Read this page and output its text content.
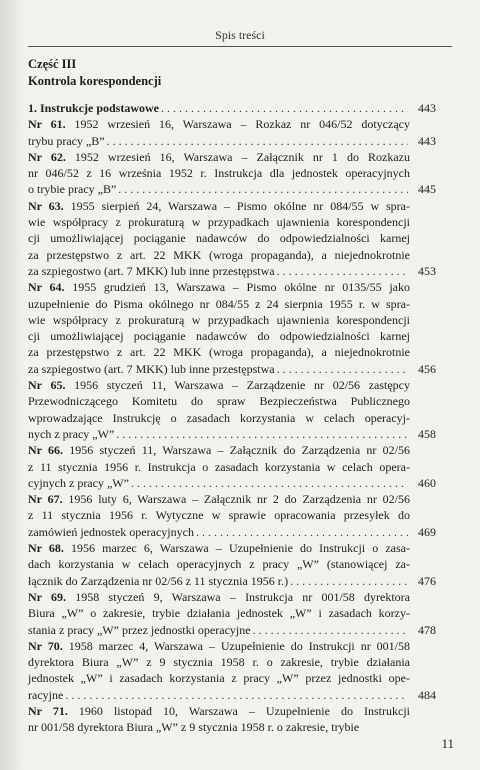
Spis treści
Część III
Kontrola korespondencji
1. Instrukcje podstawowe . . .	443
Nr 61. 1952 wrzesień 16, Warszawa – Rozkaz nr 046/52 dotyczący
trybu pracy „B” . . .	443
Nr 62. 1952 wrzesień 16, Warszawa – Załącznik nr 1 do Rozkazu
nr 046/52 z 16 września 1952 r. Instrukcja dla jednostek operacyjnych
o trybie pracy „B” . . .	445
Nr 63. 1955 sierpień 24, Warszawa – Pismo okólne nr 084/55 w spra-
wie współpracy z prokuraturą w przypadkach ujawnienia korespondencji
cji umożliwiającej pociąganie nadawców do odpowiedzialności karnej
za przestępstwo z art. 22 MKK (wroga propaganda), a niejednokrotnie
za szpiegostwo (art. 7 MKK) lub inne przestępstwa . . .	453
Nr 64. 1955 grudzień 13, Warszawa – Pismo okólne nr 0135/55 jako
uzupełnienie do Pisma okólnego nr 084/55 z 24 sierpnia 1955 r. w spra-
wie współpracy z prokuraturą w przypadkach ujawnienia korespondencji
cji umożliwiającej pociąganie nadawców do odpowiedzialności karnej
za przestępstwo z art. 22 MKK (wroga propaganda), a niejednokrotnie
za szpiegostwo (art. 7 MKK) lub inne przestępstwa . . .	456
Nr 65. 1956 styczeń 11, Warszawa – Zarządzenie nr 02/56 zastępcy
Przewodniczącego Komitetu do spraw Bezpieczeństwa Publicznego
wprowadzające Instrukcję o zasadach korzystania w celach operacyj-
nych z pracy „W” . . .	458
Nr 66. 1956 styczeń 11, Warszawa – Załącznik do Zarządzenia nr 02/56
z 11 stycznia 1956 r. Instrukcja o zasadach korzystania w celach opera-
cyjnych z pracy „W” . . .	460
Nr 67. 1956 luty 6, Warszawa – Załącznik nr 2 do Zarządzenia nr 02/56
z 11 stycznia 1956 r. Wytyczne w sprawie opracowania przesyłek do
zamówień jednostek operacyjnych . . .	469
Nr 68. 1956 marzec 6, Warszawa – Uzupełnienie do Instrukcji o zasa-
dach korzystania w celach operacyjnych z pracy „W” (stanowiącej za-
łącznik do Zarządzenia nr 02/56 z 11 stycznia 1956 r.) . . .	476
Nr 69. 1958 styczeń 9, Warszawa – Instrukcja nr 001/58 dyrektora
Biura „W” o zakresie, trybie działania jednostek „W” i zasadach korzy-
stania z pracy „W” przez jednostki operacyjne . . .	478
Nr 70. 1958 marzec 4, Warszawa – Uzupełnienie do Instrukcji nr 001/58
dyrektora Biura „W” z 9 stycznia 1958 r. o zakresie, trybie działania
jednostek „W” i zasadach korzystania z pracy „W” przez jednostki ope-
racyjne . . .	484
Nr 71. 1960 listopad 10, Warszawa – Uzupełnienie do Instrukcji
nr 001/58 dyrektora Biura „W” z 9 stycznia 1958 r. o zakresie, trybie
11
